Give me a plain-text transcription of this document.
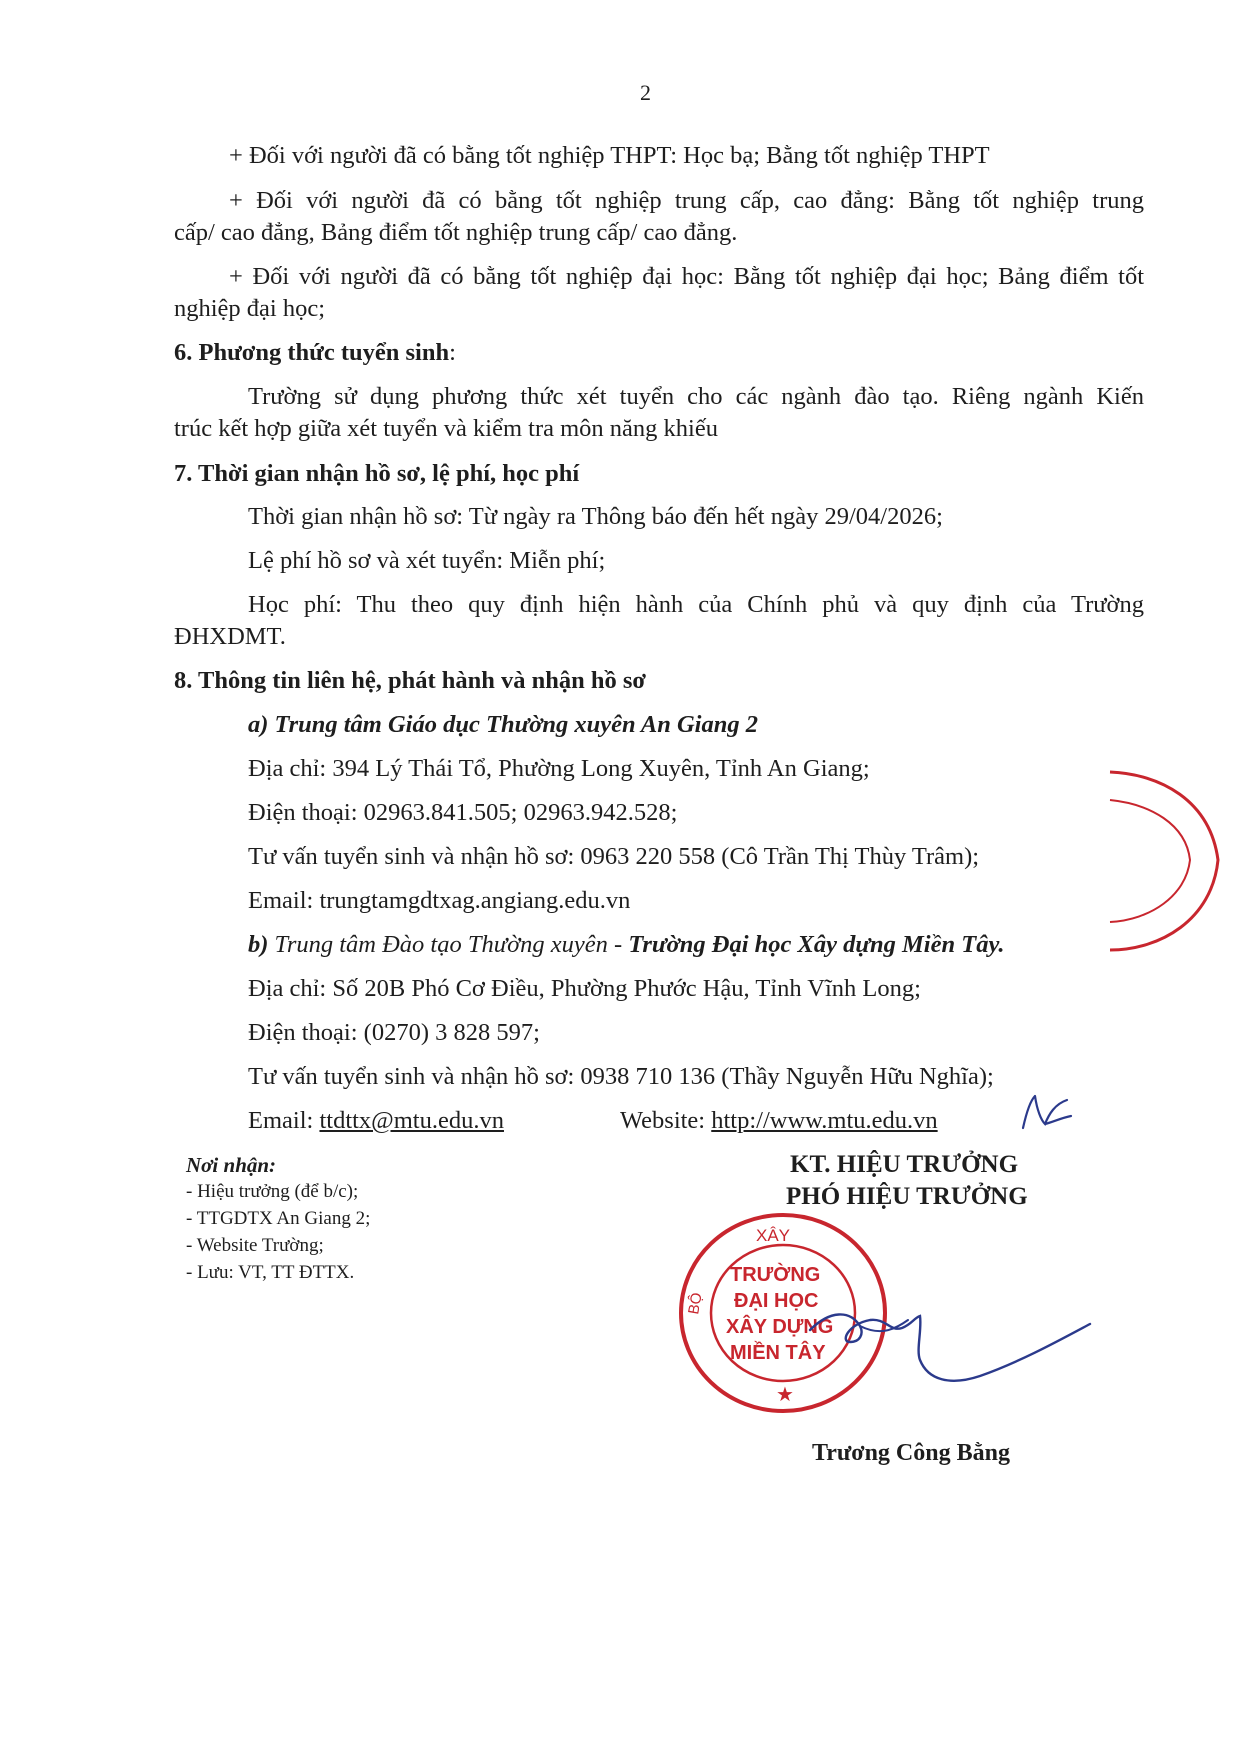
2
+ Đối với người đã có bằng tốt nghiệp THPT: Học bạ; Bằng tốt nghiệp THPT
+ Đối với người đã có bằng tốt nghiệp trung cấp, cao đẳng: Bằng tốt nghiệp trung
cấp/ cao đẳng, Bảng điểm tốt nghiệp trung cấp/ cao đẳng.
+ Đối với người đã có bằng tốt nghiệp đại học: Bằng tốt nghiệp đại học; Bảng điểm tốt
nghiệp đại học;
6. Phương thức tuyển sinh:
Trường sử dụng phương thức xét tuyển cho các ngành đào tạo. Riêng ngành Kiến
trúc kết hợp giữa xét tuyển và kiểm tra môn năng khiếu
7. Thời gian nhận hồ sơ, lệ phí, học phí
Thời gian nhận hồ sơ: Từ ngày ra Thông báo đến hết ngày 29/04/2026;
Lệ phí hồ sơ và xét tuyển: Miễn phí;
Học phí: Thu theo quy định hiện hành của Chính phủ và quy định của Trường
ĐHXDMT.
8. Thông tin liên hệ, phát hành và nhận hồ sơ
a) Trung tâm Giáo dục Thường xuyên An Giang 2
Địa chỉ: 394 Lý Thái Tổ, Phường Long Xuyên, Tỉnh An Giang;
Điện thoại: 02963.841.505; 02963.942.528;
Tư vấn tuyển sinh và nhận hồ sơ: 0963 220 558 (Cô Trần Thị Thùy Trâm);
Email: trungtamgdtxag.angiang.edu.vn
b) Trung tâm Đào tạo Thường xuyên - Trường Đại học Xây dựng Miền Tây.
Địa chỉ: Số 20B Phó Cơ Điều, Phường Phước Hậu, Tỉnh Vĩnh Long;
Điện thoại: (0270) 3 828 597;
Tư vấn tuyển sinh và nhận hồ sơ: 0938 710 136 (Thầy Nguyễn Hữu Nghĩa);
Email: ttdttx@mtu.edu.vn	Website: http://www.mtu.edu.vn
Nơi nhận:
- Hiệu trưởng (để b/c);
- TTGDTX An Giang 2;
- Website Trường;
- Lưu: VT, TT ĐTTX.
KT. HIỆU TRƯỞNG
PHÓ HIỆU TRƯỞNG
XÂY
TRƯỜNG
ĐẠI HỌC
XÂY DỰNG
MIỀN TÂY
BỘ
★
Trương Công Bằng
